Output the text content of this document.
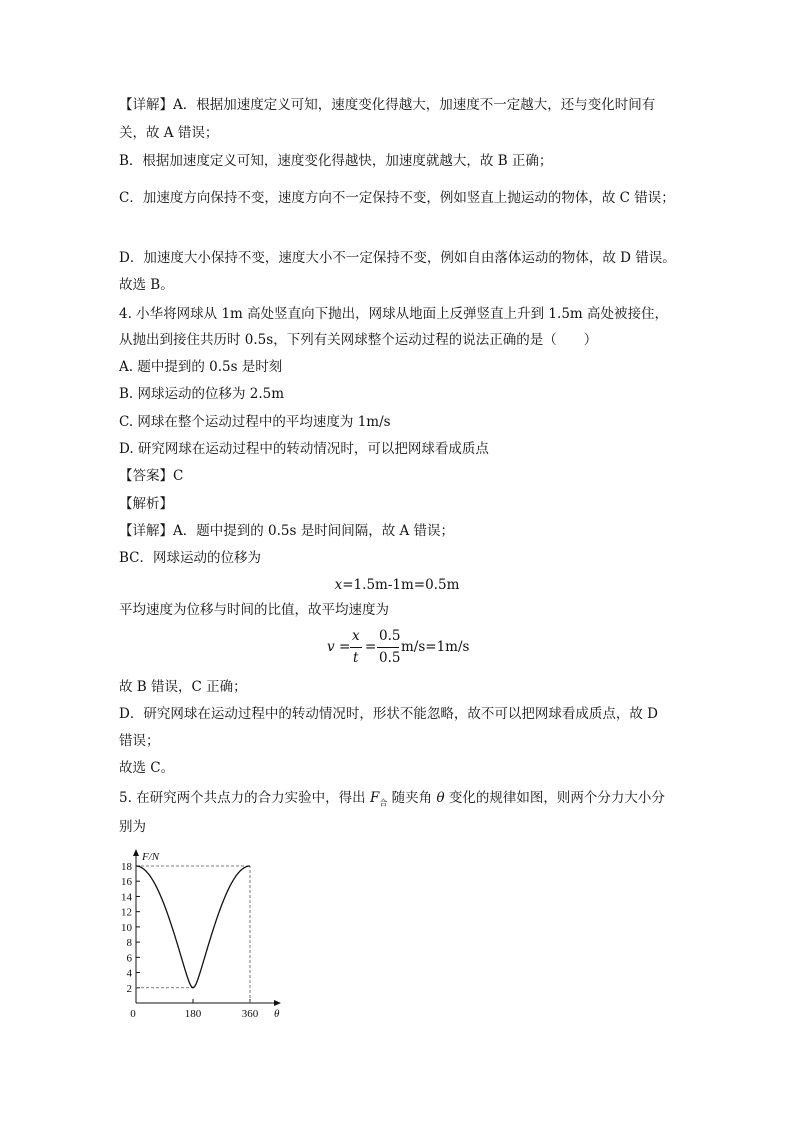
【详解】A．根据加速度定义可知，速度变化得越大，加速度不一定越大，还与变化时间有
关，故 A 错误；
B．根据加速度定义可知，速度变化得越快，加速度就越大，故 B 正确；
C．加速度方向保持不变，速度方向不一定保持不变，例如竖直上抛运动的物体，故 C 错误；
D．加速度大小保持不变，速度大小不一定保持不变，例如自由落体运动的物体，故 D 错误。
故选 B。
4. 小华将网球从 1m 高处竖直向下抛出，网球从地面上反弹竖直上升到 1.5m 高处被接住，
从抛出到接住共历时 0.5s，下列有关网球整个运动过程的说法正确的是（　　）
A. 题中提到的 0.5s 是时刻
B. 网球运动的位移为 2.5m
C. 网球在整个运动过程中的平均速度为 1m/s
D. 研究网球在运动过程中的转动情况时，可以把网球看成质点
【答案】C
【解析】
【详解】A．题中提到的 0.5s 是时间间隔，故 A 错误；
BC．网球运动的位移为
x=1.5m-1m=0.5m
平均速度为位移与时间的比值，故平均速度为
v =
x
t
=
0.5
0.5
m/s=1m/s
故 B 错误，C 正确；
D．研究网球在运动过程中的转动情况时，形状不能忽略，故不可以把网球看成质点，故 D
错误；
故选 C。
5. 在研究两个共点力的合力实验中，得出 $F_合$ 随夹角 θ 变化的规律如图，则两个分力大小分
别为
2
4
6
8
10
12
14
16
18
0	180	360
F/N
θ
